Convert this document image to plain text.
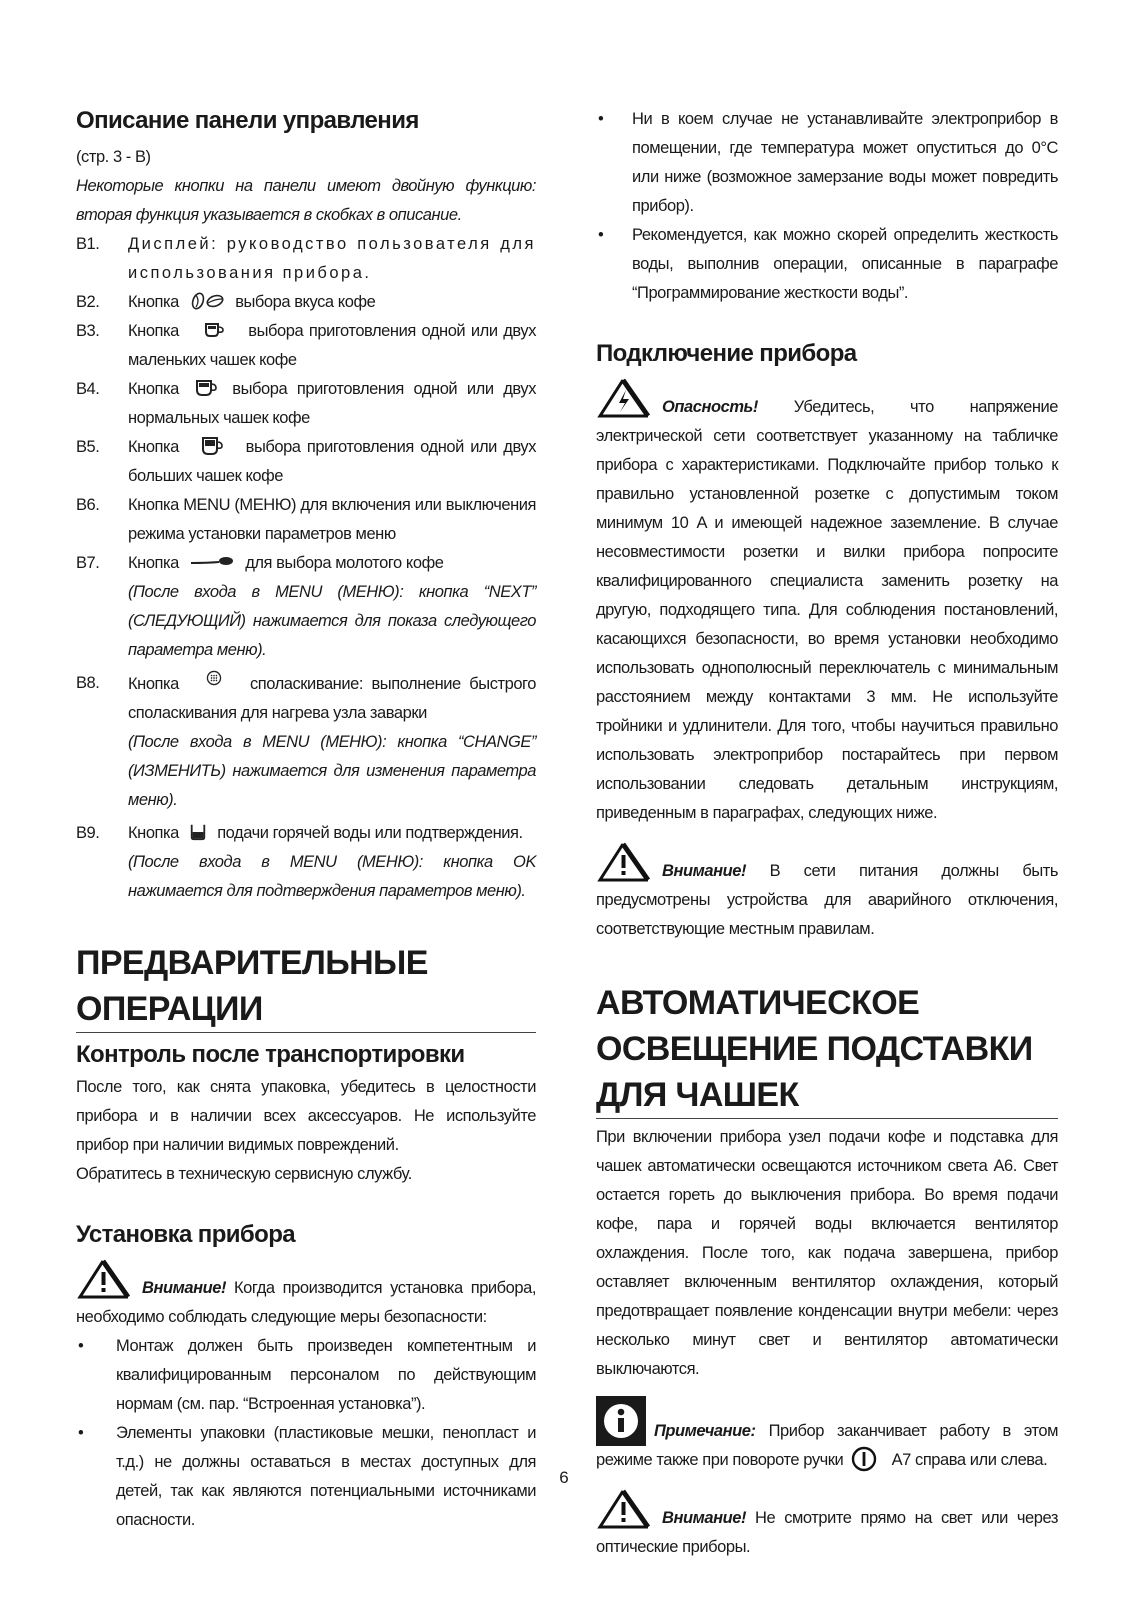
Описание панели управления
(стр. 3 - В)
Некоторые кнопки на панели имеют двойную функцию: вторая функция указывается в скобках в описание.
B1.	Дисплей: руководство пользователя для использования прибора.
B2.	Кнопка	выбора вкуса кофе
B3.	Кнопка	выбора приготовления одной или двух маленьких чашек кофе
B4.	Кнопка	выбора приготовления одной или двух нормальных чашек кофе
B5.	Кнопка	выбора приготовления одной или двух больших чашек кофе
B6.	Кнопка MENU (МЕНЮ) для включения или выключения режима установки параметров меню
B7.	Кнопка	для выбора молотого кофе
(После входа в MENU (МЕНЮ): кнопка “NEXT” (СЛЕДУЮЩИЙ) нажимается для показа следующего параметра меню).
B8.	Кнопка	споласкивание: выполнение быстрого споласкивания для нагрева узла заварки
(После входа в MENU (МЕНЮ): кнопка “CHANGE” (ИЗМЕНИТЬ) нажимается для изменения параметра меню).
B9.	Кнопка подачи горячей воды или подтверждения.
(После входа в MENU (МЕНЮ): кнопка OK нажимается для подтверждения параметров меню).
ПРЕДВАРИТЕЛЬНЫЕ ОПЕРАЦИИ
Контроль после транспортировки
После того, как снята упаковка, убедитесь в целостности прибора и в наличии всех аксессуаров. Не используйте прибор при наличии видимых повреждений.
Обратитесь в техническую сервисную службу.
Установка прибора
Внимание! Когда производится установка прибора, необходимо соблюдать следующие меры безопасности:
•	Монтаж должен быть произведен компетентным и квалифицированным персоналом по действующим нормам (см. пар. “Встроенная установка”).
•	Элементы упаковки (пластиковые мешки, пенопласт и т.д.) не должны оставаться в местах доступных для детей, так как являются потенциальными источниками опасности.
•	Ни в коем случае не устанавливайте электроприбор в помещении, где температура может опуститься до 0°С или ниже (возможное замерзание воды может повредить прибор).
•	Рекомендуется, как можно скорей определить жесткость воды, выполнив операции, описанные в параграфе “Программирование жесткости воды”.
Подключение прибора
Опасность! Убедитесь, что напряжение электрической сети соответствует указанному на табличке прибора с характеристиками. Подключайте прибор только к правильно установленной розетке с допустимым током минимум 10 A и имеющей надежное заземление. В случае несовместимости розетки и вилки прибора попросите квалифицированного специалиста заменить розетку на другую, подходящего типа. Для соблюдения постановлений, касающихся безопасности, во время установки необходимо использовать однополюсный переключатель с минимальным расстоянием между контактами 3 мм. Не используйте тройники и удлинители. Для того, чтобы научиться правильно использовать электроприбор постарайтесь при первом использовании следовать детальным инструкциям, приведенным в параграфах, следующих ниже.
Внимание! В сети питания должны быть предусмотрены устройства для аварийного отключения, соответствующие местным правилам.
АВТОМАТИЧЕСКОЕ ОСВЕЩЕНИЕ ПОДСТАВКИ ДЛЯ ЧАШЕК
При включении прибора узел подачи кофе и подставка для чашек автоматически освещаются источником света A6. Свет остается гореть до выключения прибора. Во время подачи кофе, пара и горячей воды включается вентилятор охлаждения. После того, как подача завершена, прибор оставляет включенным вентилятор охлаждения, который предотвращает появление конденсации внутри мебели: через несколько минут свет и вентилятор автоматически выключаются.
Примечание: Прибор заканчивает работу в этом режиме также при повороте ручки	A7 справа или слева.
Внимание! Не смотрите прямо на свет или через оптические приборы.
6
